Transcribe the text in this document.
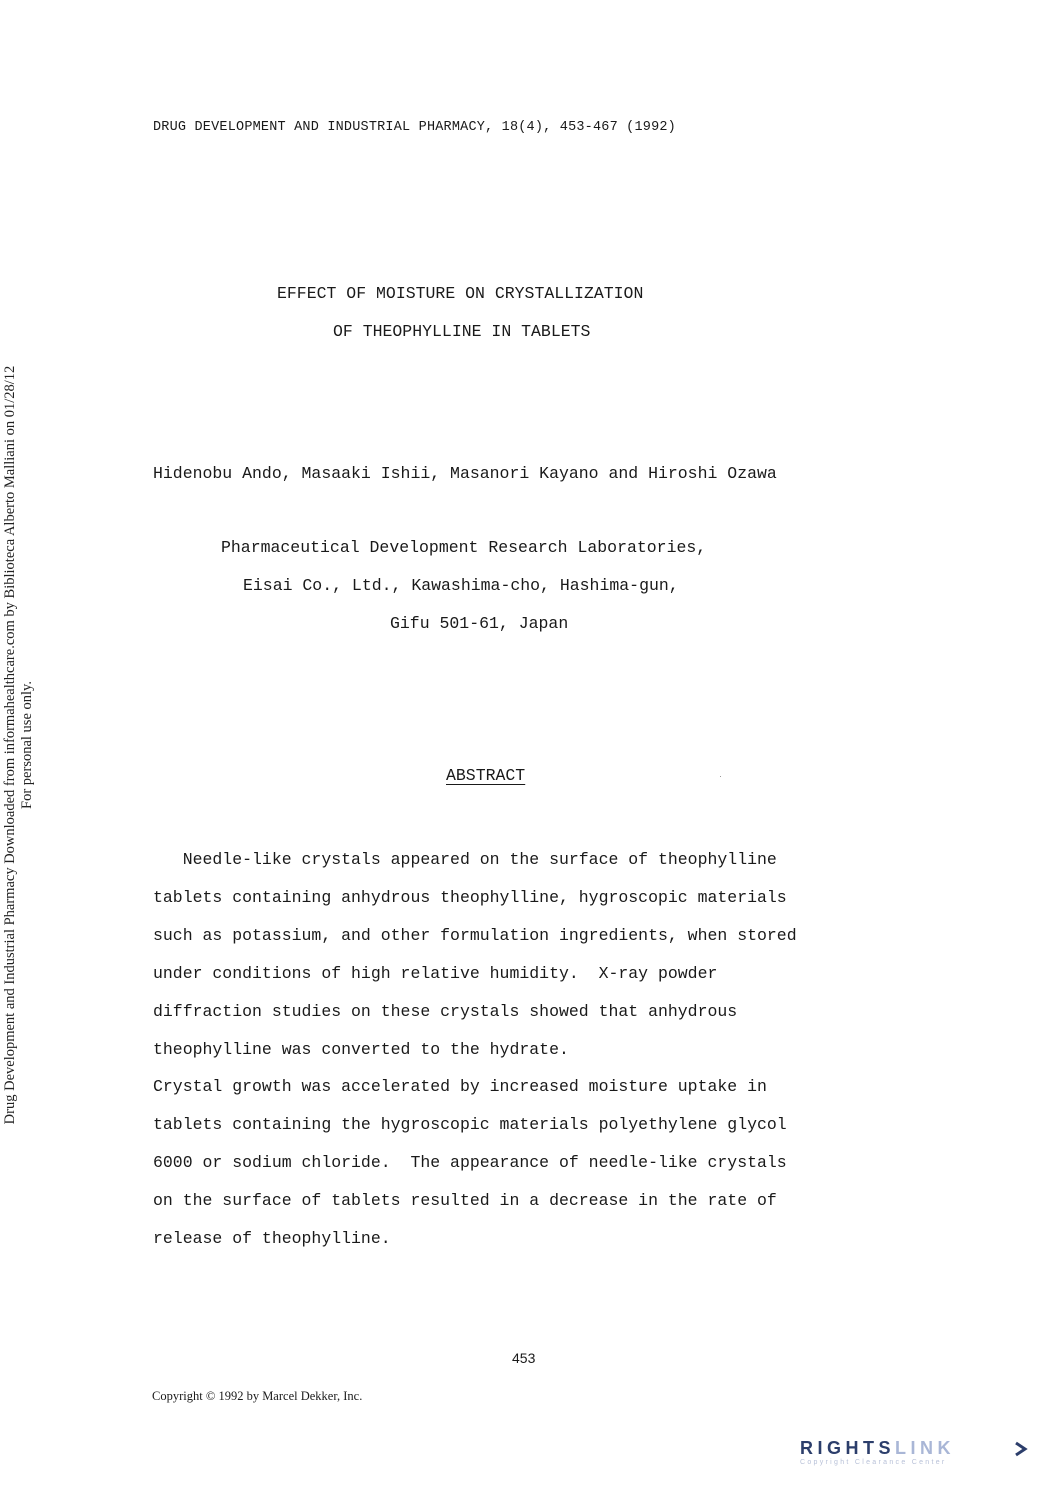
DRUG DEVELOPMENT AND INDUSTRIAL PHARMACY, 18(4), 453-467 (1992)
EFFECT OF MOISTURE ON CRYSTALLIZATION
OF THEOPHYLLINE IN TABLETS
Hidenobu Ando, Masaaki Ishii, Masanori Kayano and Hiroshi Ozawa
Pharmaceutical Development Research Laboratories,
Eisai Co., Ltd., Kawashima-cho, Hashima-gun,
Gifu 501-61, Japan
ABSTRACT

Needle-like crystals appeared on the surface of theophylline

tablets containing anhydrous theophylline, hygroscopic materials

such as potassium, and other formulation ingredients, when stored

under conditions of high relative humidity.  X-ray powder

diffraction studies on these crystals showed that anhydrous

theophylline was converted to the hydrate.

Crystal growth was accelerated by increased moisture uptake in

tablets containing the hygroscopic materials polyethylene glycol

6000 or sodium chloride.  The appearance of needle-like crystals

on the surface of tablets resulted in a decrease in the rate of

release of theophylline.

453
Copyright © 1992 by Marcel Dekker, Inc.
Drug Development and Industrial Pharmacy Downloaded from informahealthcare.com by Biblioteca Alberto Malliani on 01/28/12 For personal use only.
RIGHTSLINK
Copyright Clearance Center
